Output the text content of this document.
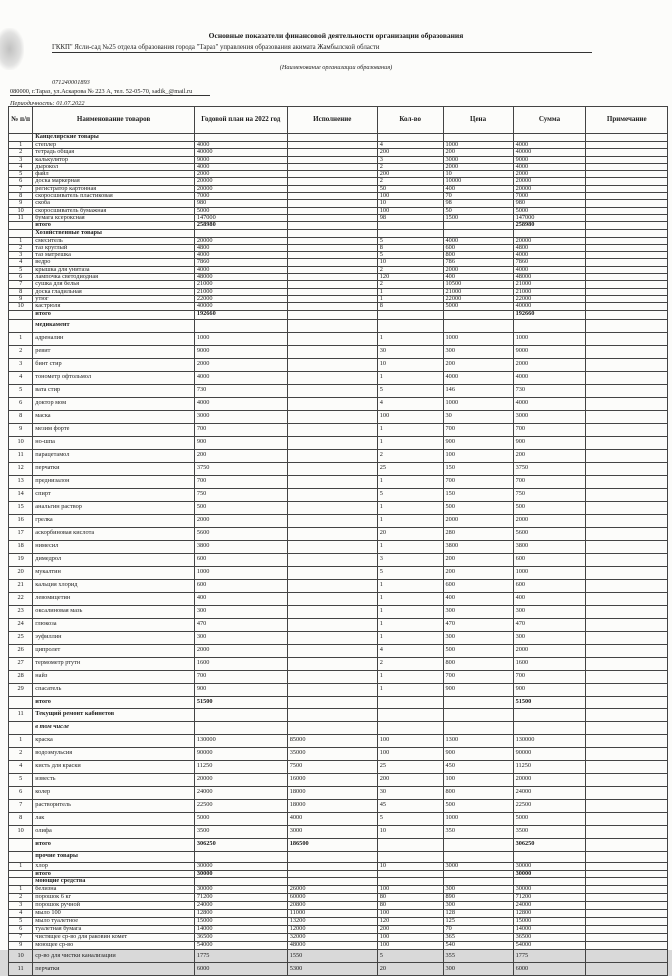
Основные показатели финансовой деятельности организации образования
ГККП" Ясли-сад №25 отдела образования города "Тараз" управления образования акимата Жамбылской области
(Наименование организации образования)
071240001893
080000, г.Тараз, ул.Аскарова № 223 А, тел. 52-05-70, sadik_@mail.ru
Периодичность: 01.07.2022
№ п/п	Наименование товаров	Годовой план на 2022 год	Исполнение	Кол-во	Цена	Сумма	Примечание
	Канцелярские товары						
1	степлер	4000		4	1000	4000	
2	тетрадь общая	40000		200	200	40000	
3	калькулятор	9000		3	3000	9000	
4	дырокол	4000		2	2000	4000	
5	файл	2000		200	10	2000	
6	доска маркерная	20000		2	10000	20000	
7	регистратор картонная	20000		50	400	20000	
8	скоросшиватель пластиковая	7000		100	70	7000	
9	скоба	980		10	98	980	
10	скоросшиватель бумажная	5000		100	50	5000	
11	бумага ксероксная	147000		98	1500	147000	
	итого	258980				258980	
	Хозяйственные товары						
1	смеситель	20000		5	4000	20000	
2	таз круглый	4800		8	600	4800	
3	таз матрешка	4000		5	800	4000	
4	ведро	7860		10	786	7860	
5	крышка для унитаза	4000		2	2000	4000	
6	лампочка светодиодная	48000		120	400	48000	
7	сушка для белья	21000		2	10500	21000	
8	доска гладильная	21000		1	21000	21000	
9	утюг	22000		1	22000	22000	
10	кастрюля	40000		8	5000	40000	
	итого	192660				192660	
	медикамент						
1	адреналин	1000		1	1000	1000	
2	ревит	9000		30	300	9000	
3	бинт стир	2000		10	200	2000	
4	тонометр офтольмол	4000		1	4000	4000	
5	вата стир	730		5	146	730	
6	доктор мом	4000		4	1000	4000	
8	маска	3000		100	30	3000	
9	мезим форте	700		1	700	700	
10	но-шпа	900		1	900	900	
11	парацетамол	200		2	100	200	
12	перчатки	3750		25	150	3750	
13	преднизалон	700		1	700	700	
14	спирт	750		5	150	750	
15	анальгин раствор	500		1	500	500	
16	грелка	2000		1	2000	2000	
17	аскорбиновая кислота	5600		20	280	5600	
18	нимесил	3800		1	3800	3800	
19	димедрол	600		3	200	600	
20	мукалтин	1000		5	200	1000	
21	кальция хлорид	600		1	600	600	
22	левомицетин	400		1	400	400	
23	оксалиновая мазь	300		1	300	300	
24	глюкоза	470		1	470	470	
25	эуфиллин	300		1	300	300	
26	ципролет	2000		4	500	2000	
27	термометр ртутн	1600		2	800	1600	
28	найз	700		1	700	700	
29	спасатель	900		1	900	900	
	итого	51500				51500	
11	Текущий ремонт кабинетов						
	в том числе						
1	краска	130000	85000	100	1300	130000	
2	водоэмульсия	90000	35000	100	900	90000	
4	кисть для краски	11250	7500	25	450	11250	
5	известь	20000	16000	200	100	20000	
6	колер	24000	18000	30	800	24000	
7	растворитель	22500	18000	45	500	22500	
8	лак	5000	4000	5	1000	5000	
10	олифа	3500	3000	10	350	3500	
	итого	306250	186500			306250	
	прочие товары						
1	хлор	30000		10	3000	30000	
	итого	30000				30000	
	моющие средства						
1	белизна	30000	26000	100	300	30000	
2	порошок 6 кг	71200	60000	80	890	71200	
3	порошок ручной	24000	20800	80	300	24000	
4	мыло 100	12800	11000	100	128	12800	
5	мыло туалетное	15000	13200	120	125	15000	
6	туалетная бумага	14000	12000	200	70	14000	
7	чистящее ср-во для раковин комет	36500	32000	100	365	36500	
9	моющее ср-во	54000	48000	100	540	54000	
10	ср-во для чистки канализации	1775	1550	5	355	1775	
11	перчатки	6000	5300	20	300	6000	
